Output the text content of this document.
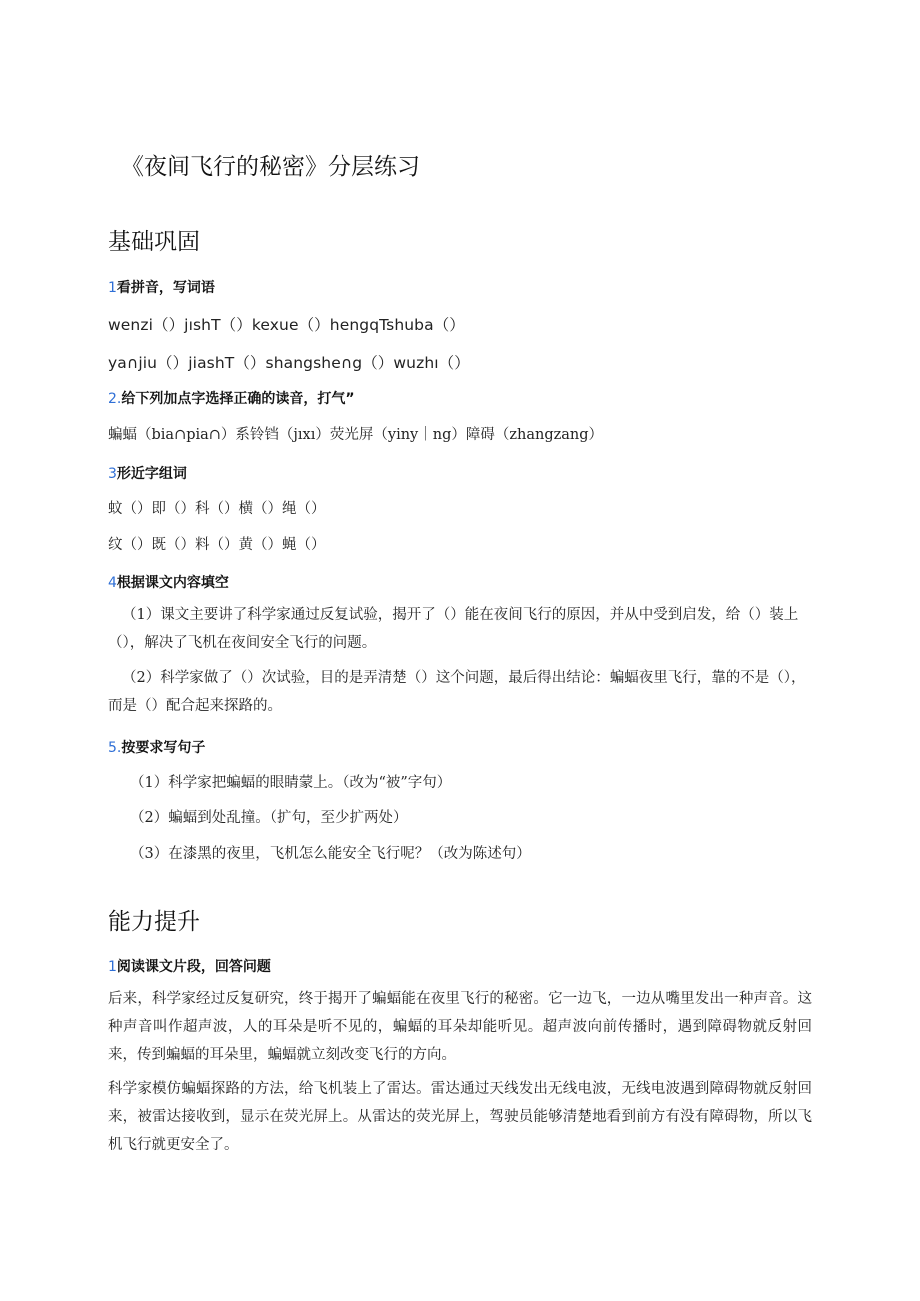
《夜间飞行的秘密》分层练习
基础巩固

1看拼音，写词语

wenzi（）jıshT（）kexue（）hengqTshuba（）

ya∩jiu（）jiashT（）shangshe∩g（）wuzhı（）

2.给下列加点字选择正确的读音，打气”

蝙蝠（bia∩pia∩）系铃铛（jıxı）荧光屏（yiny｜ng）障碍（zhangzang）

3形近字组词

蚊（）即（）科（）横（）绳（）

纹（）既（）料（）黄（）蝇（）

4根据课文内容填空

（1）课文主要讲了科学家通过反复试验，揭开了（）能在夜间飞行的原因，并从中受到启发，给（）装上（），解决了飞机在夜间安全飞行的问题。

（2）科学家做了（）次试验，目的是弄清楚（）这个问题，最后得出结论：蝙蝠夜里飞行，靠的不是（），而是（）配合起来探路的。

5.按要求写句子

（1）科学家把蝙蝠的眼睛蒙上。（改为“被”字句）

（2）蝙蝠到处乱撞。（扩句，至少扩两处）

（3）在漆黑的夜里，飞机怎么能安全飞行呢？（改为陈述句）

能力提升

1阅读课文片段，回答问题

后来，科学家经过反复研究，终于揭开了蝙蝠能在夜里飞行的秘密。它一边飞，一边从嘴里发出一种声音。这种声音叫作超声波，人的耳朵是听不见的，蝙蝠的耳朵却能听见。超声波向前传播时，遇到障碍物就反射回来，传到蝙蝠的耳朵里，蝙蝠就立刻改变飞行的方向。

科学家模仿蝙蝠探路的方法，给飞机装上了雷达。雷达通过天线发出无线电波，无线电波遇到障碍物就反射回来，被雷达接收到，显示在荧光屏上。从雷达的荧光屏上，驾驶员能够清楚地看到前方有没有障碍物，所以飞机飞行就更安全了。
